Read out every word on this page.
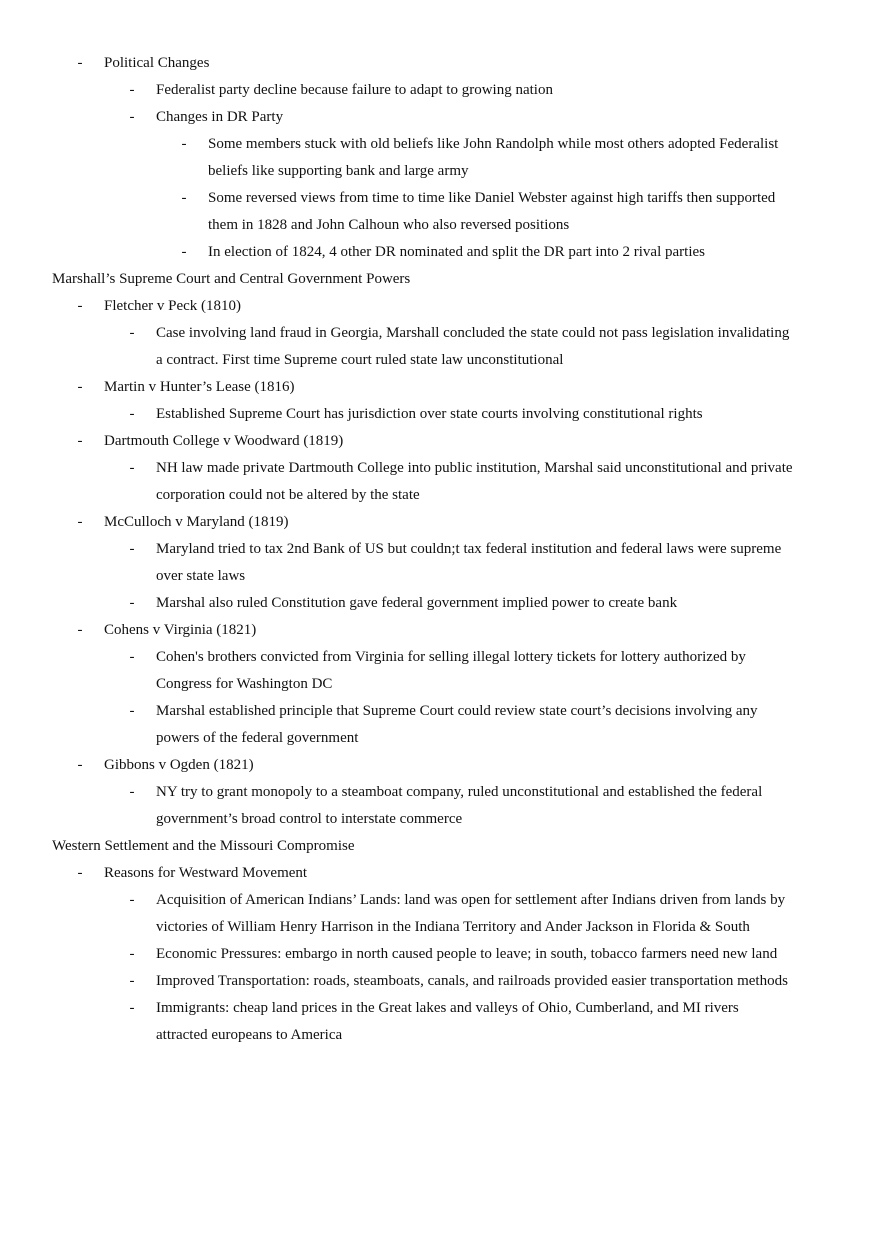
-	Political Changes
-	Federalist party decline because failure to adapt to growing nation
-	Changes in DR Party
-	Some members stuck with old beliefs like John Randolph while most others adopted Federalist
beliefs like supporting bank and large army
-	Some reversed views from time to time like Daniel Webster against high tariffs then supported
them in 1828 and John Calhoun who also reversed positions
-	In election of 1824, 4 other DR nominated and split the DR part into 2 rival parties
Marshall’s Supreme Court and Central Government Powers
-	Fletcher v Peck (1810)
-	Case involving land fraud in Georgia, Marshall concluded the state could not pass legislation invalidating
a contract. First time Supreme court ruled state law unconstitutional
-	Martin v Hunter’s Lease (1816)
-	Established Supreme Court has jurisdiction over state courts involving constitutional rights
-	Dartmouth College v Woodward (1819)
-	NH law made private Dartmouth College into public institution, Marshal said unconstitutional and private
corporation could not be altered by the state
-	McCulloch v Maryland (1819)
-	Maryland tried to tax 2nd Bank of US but couldn;t tax federal institution and federal laws were supreme
over state laws
-	Marshal also ruled Constitution gave federal government implied power to create bank
-	Cohens v Virginia (1821)
-	Cohen's brothers convicted from Virginia for selling illegal lottery tickets for lottery authorized by
Congress for Washington DC
-	Marshal established principle that Supreme Court could review state court’s decisions involving any
powers of the federal government
-	Gibbons v Ogden (1821)
-	NY try to grant monopoly to a steamboat company, ruled unconstitutional and established the federal
government’s broad control to interstate commerce
Western Settlement and the Missouri Compromise
-	Reasons for Westward Movement
-	Acquisition of American Indians’ Lands: land was open for settlement after Indians driven from lands by
victories of William Henry Harrison in the Indiana Territory and Ander Jackson in Florida & South
-	Economic Pressures: embargo in north caused people to leave; in south, tobacco farmers need new land
-	Improved Transportation: roads, steamboats, canals, and railroads provided easier transportation methods
-	Immigrants: cheap land prices in the Great lakes and valleys of Ohio, Cumberland, and MI rivers
attracted europeans to America
